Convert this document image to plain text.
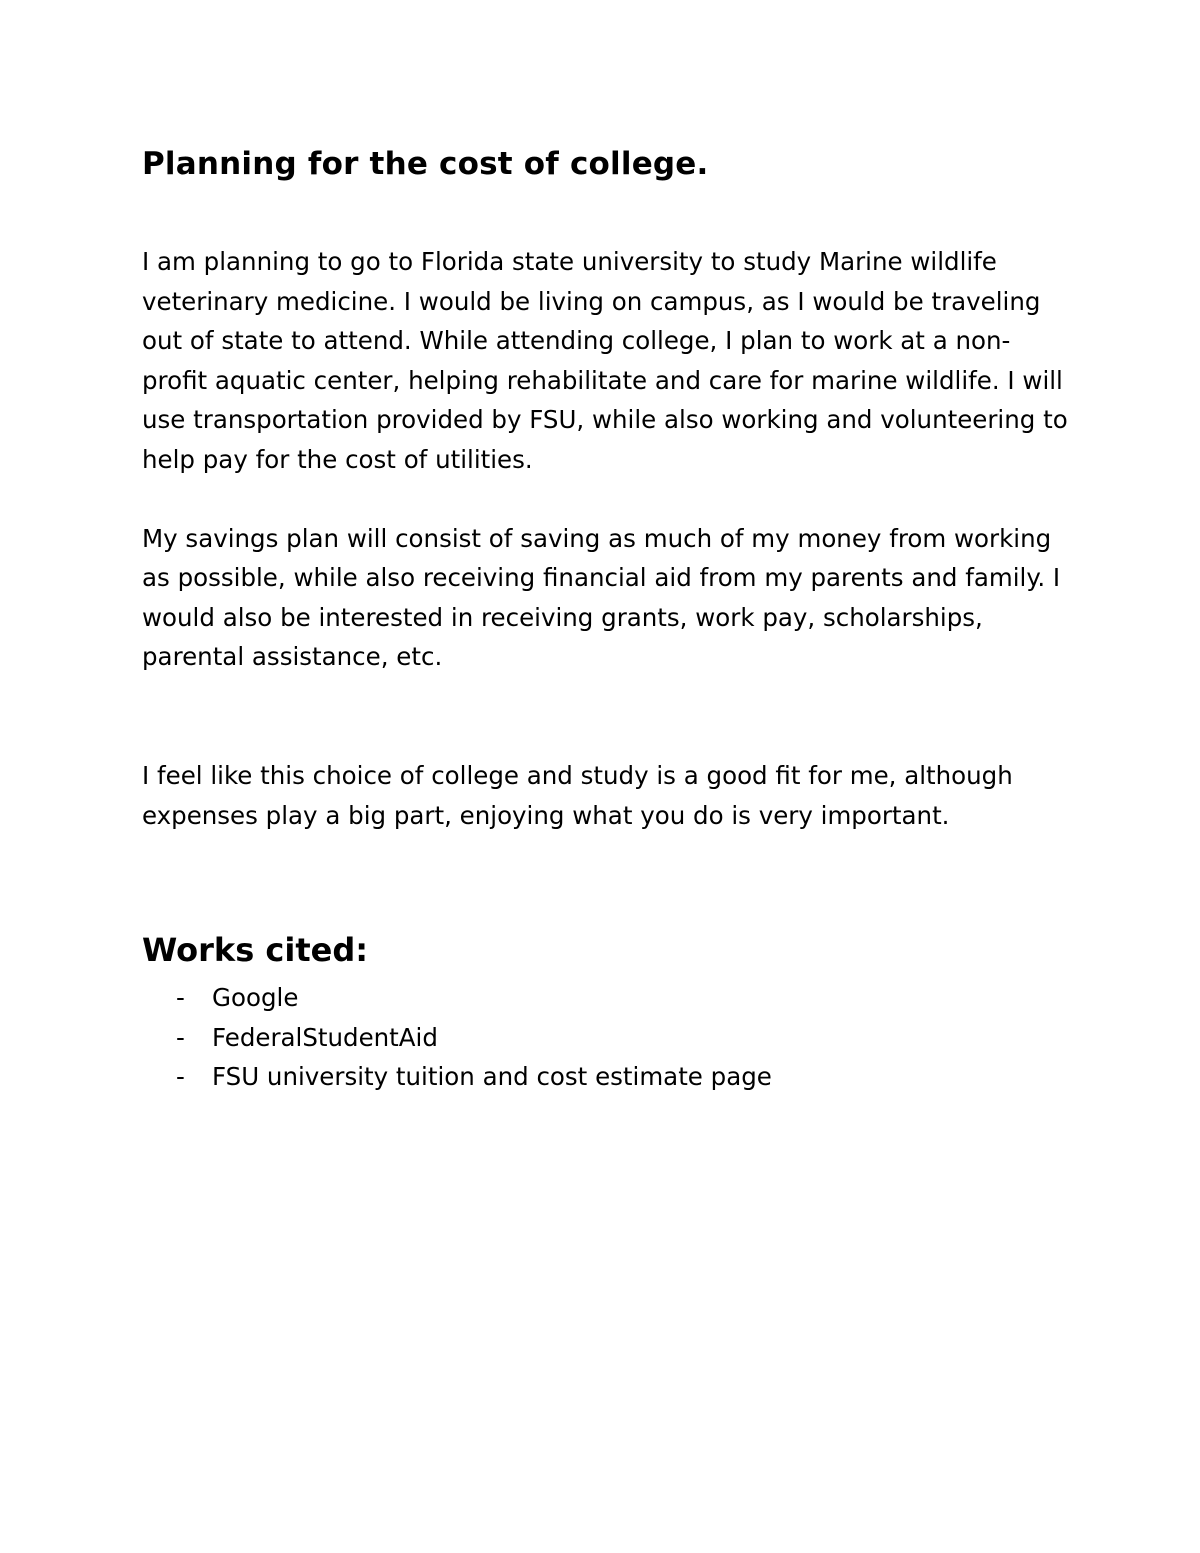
Planning for the cost of college.

I am planning to go to Florida state university to study Marine wildlife veterinary medicine. I would be living on campus, as I would be traveling out of state to attend. While attending college, I plan to work at a non-profit aquatic center, helping rehabilitate and care for marine wildlife. I will use transportation provided by FSU, while also working and volunteering to help pay for the cost of utilities.

My savings plan will consist of saving as much of my money from working as possible, while also receiving financial aid from my parents and family. I would also be interested in receiving grants, work pay, scholarships, parental assistance, etc.

I feel like this choice of college and study is a good fit for me, although expenses play a big part, enjoying what you do is very important.

Works cited:
-	Google
-	FederalStudentAid
-	FSU university tuition and cost estimate page
